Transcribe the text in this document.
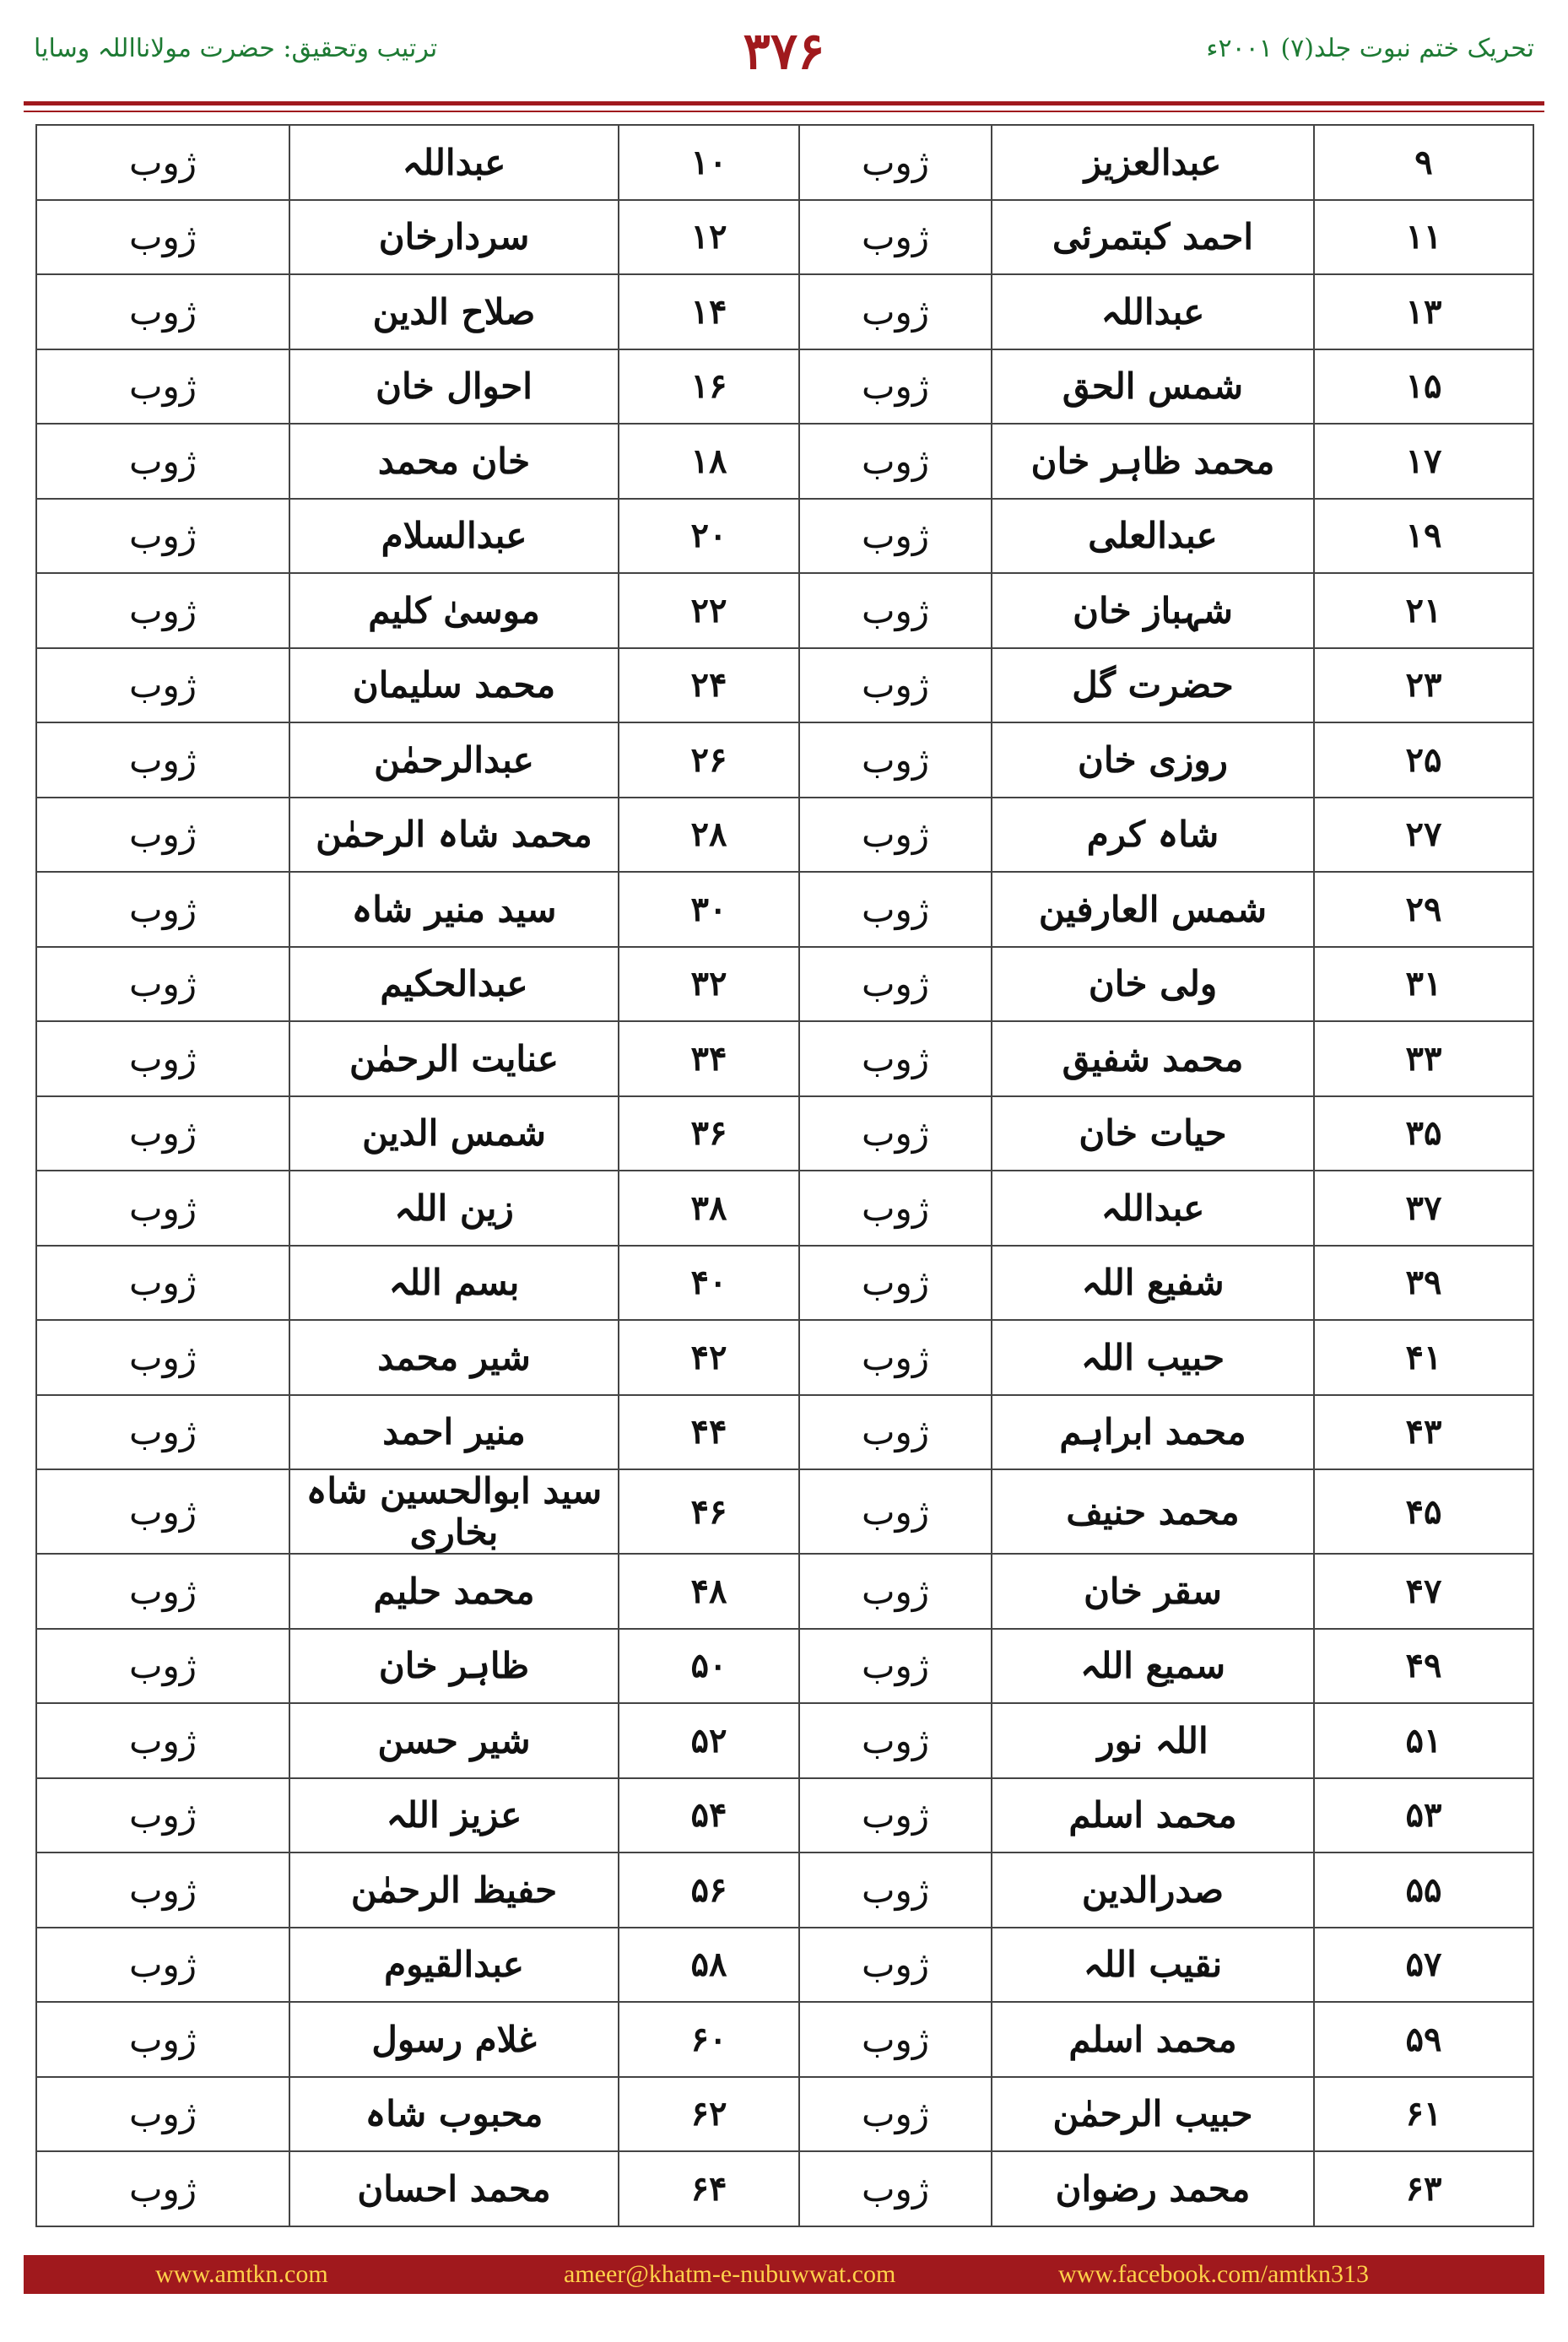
ترتیب وتحقیق: حضرت مولانااللہ وسایا	۳۷۶	تحریک ختم نبوت جلد(۷) ۲۰۰۱ء
۹	عبدالعزیز	ژوب	۱۰	عبداللہ	ژوب
۱۱	احمد کبتمرئی	ژوب	۱۲	سردارخان	ژوب
۱۳	عبداللہ	ژوب	۱۴	صلاح الدین	ژوب
۱۵	شمس الحق	ژوب	۱۶	احوال خان	ژوب
۱۷	محمد ظاہر خان	ژوب	۱۸	خان محمد	ژوب
۱۹	عبدالعلی	ژوب	۲۰	عبدالسلام	ژوب
۲۱	شہباز خان	ژوب	۲۲	موسیٰ کلیم	ژوب
۲۳	حضرت گل	ژوب	۲۴	محمد سلیمان	ژوب
۲۵	روزی خان	ژوب	۲۶	عبدالرحمٰن	ژوب
۲۷	شاہ کرم	ژوب	۲۸	محمد شاہ الرحمٰن	ژوب
۲۹	شمس العارفین	ژوب	۳۰	سید منیر شاہ	ژوب
۳۱	ولی خان	ژوب	۳۲	عبدالحکیم	ژوب
۳۳	محمد شفیق	ژوب	۳۴	عنایت الرحمٰن	ژوب
۳۵	حیات خان	ژوب	۳۶	شمس الدین	ژوب
۳۷	عبداللہ	ژوب	۳۸	زین اللہ	ژوب
۳۹	شفیع اللہ	ژوب	۴۰	بسم اللہ	ژوب
۴۱	حبیب اللہ	ژوب	۴۲	شیر محمد	ژوب
۴۳	محمد ابراہم	ژوب	۴۴	منیر احمد	ژوب
۴۵	محمد حنیف	ژوب	۴۶	سید ابوالحسین شاہ بخاری	ژوب
۴۷	سقر خان	ژوب	۴۸	محمد حلیم	ژوب
۴۹	سمیع اللہ	ژوب	۵۰	ظاہر خان	ژوب
۵۱	اللہ نور	ژوب	۵۲	شیر حسن	ژوب
۵۳	محمد اسلم	ژوب	۵۴	عزیز اللہ	ژوب
۵۵	صدرالدین	ژوب	۵۶	حفیظ الرحمٰن	ژوب
۵۷	نقیب اللہ	ژوب	۵۸	عبدالقیوم	ژوب
۵۹	محمد اسلم	ژوب	۶۰	غلام رسول	ژوب
۶۱	حبیب الرحمٰن	ژوب	۶۲	محبوب شاہ	ژوب
۶۳	محمد رضوان	ژوب	۶۴	محمد احسان	ژوب
www.amtkn.com	ameer@khatm-e-nubuwwat.com	www.facebook.com/amtkn313
